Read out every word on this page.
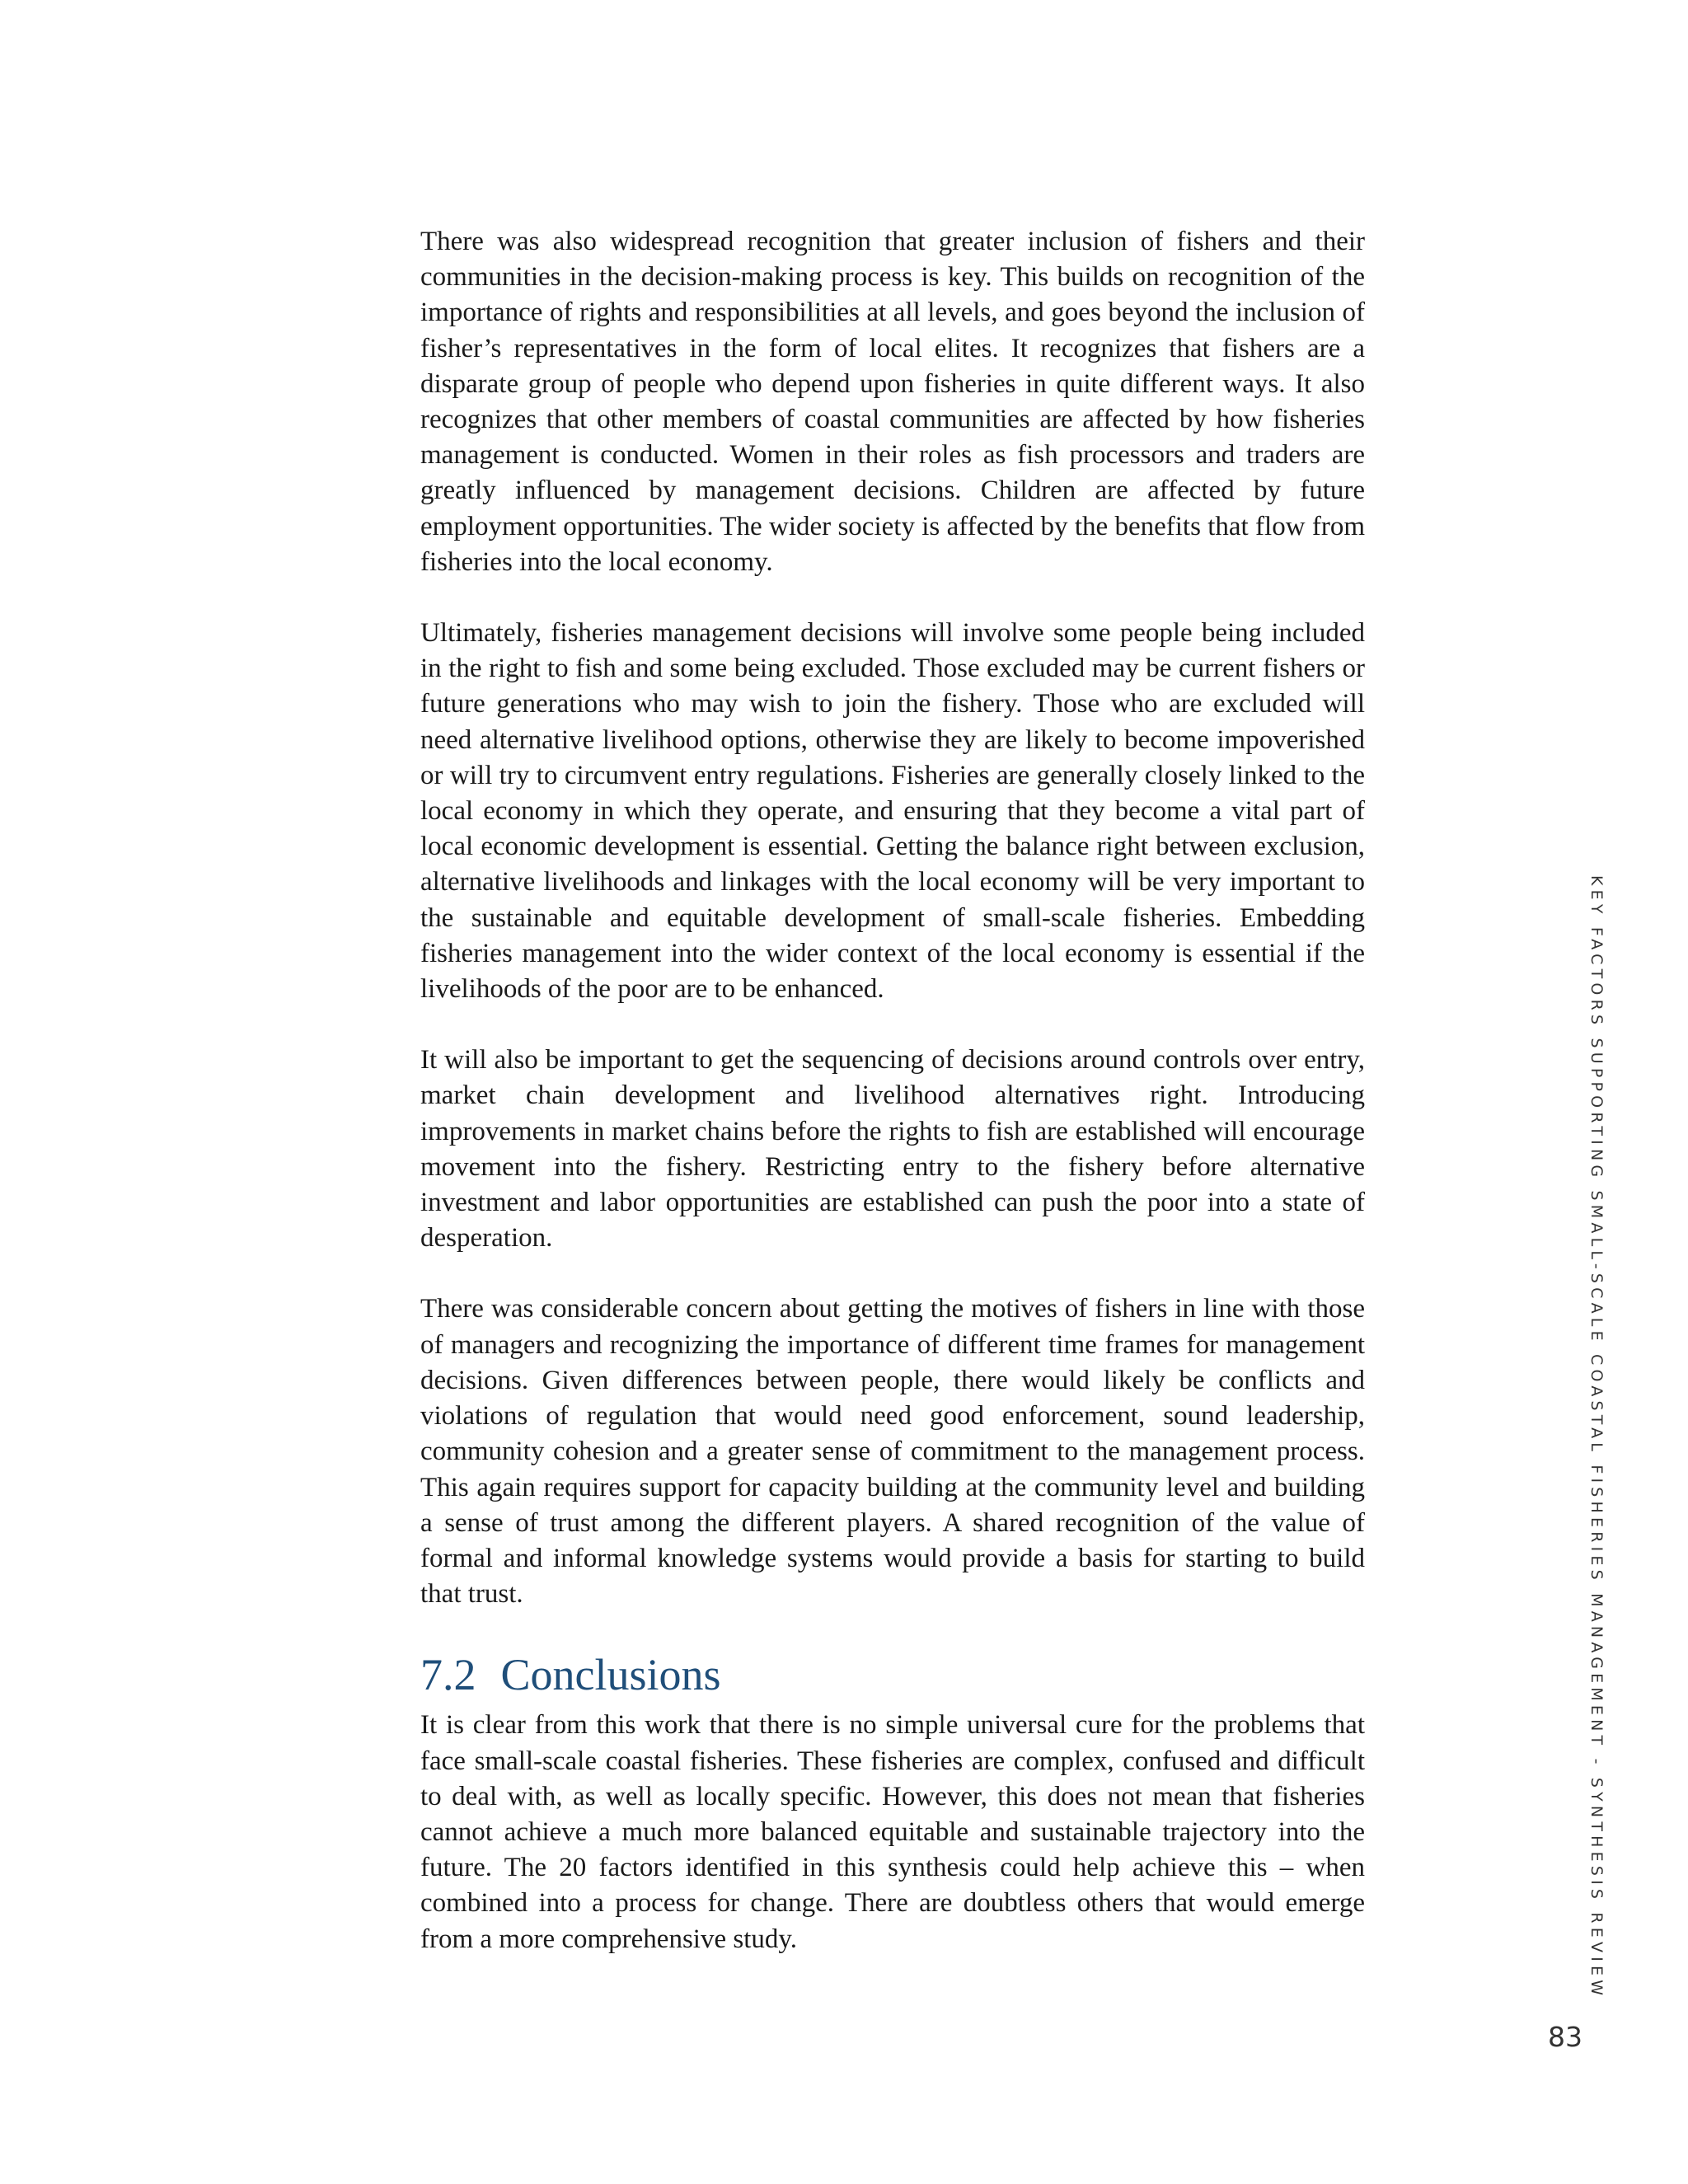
There was also widespread recognition that greater inclusion of fishers and their communities in the decision-making process is key. This builds on recognition of the importance of rights and responsibilities at all levels, and goes beyond the inclusion of fisher’s representatives in the form of local elites. It recognizes that fishers are a disparate group of people who depend upon fisheries in quite different ways. It also recognizes that other members of coastal communities are affected by how fisheries management is conducted. Women in their roles as fish processors and traders are greatly influenced by management decisions. Children are affected by future employment opportunities. The wider society is affected by the benefits that flow from fisheries into the local economy.

Ultimately, fisheries management decisions will involve some people being included in the right to fish and some being excluded. Those excluded may be current fishers or future generations who may wish to join the fishery. Those who are excluded will need alternative livelihood options, otherwise they are likely to become impoverished or will try to circumvent entry regulations. Fisheries are generally closely linked to the local economy in which they operate, and ensuring that they become a vital part of local economic development is essential. Getting the balance right between exclusion, alternative livelihoods and linkages with the local economy will be very important to the sustainable and equitable development of small-scale fisheries. Embedding fisheries management into the wider context of the local economy is essential if the livelihoods of the poor are to be enhanced.

It will also be important to get the sequencing of decisions around controls over entry, market chain development and livelihood alternatives right. Introducing improvements in market chains before the rights to fish are established will encourage movement into the fishery. Restricting entry to the fishery before alternative investment and labor opportunities are established can push the poor into a state of desperation.

There was considerable concern about getting the motives of fishers in line with those of managers and recognizing the importance of different time frames for management decisions. Given differences between people, there would likely be conflicts and violations of regulation that would need good enforcement, sound leadership, community cohesion and a greater sense of commitment to the management process. This again requires support for capacity building at the community level and building a sense of trust among the different players. A shared recognition of the value of formal and informal knowledge systems would provide a basis for starting to build that trust.

7.2 Conclusions

It is clear from this work that there is no simple universal cure for the problems that face small-scale coastal fisheries. These fisheries are complex, confused and difficult to deal with, as well as locally specific. However, this does not mean that fisheries cannot achieve a much more balanced equitable and sustainable trajectory into the future. The 20 factors identified in this synthesis could help achieve this – when combined into a process for change. There are doubtless others that would emerge from a more comprehensive study.	KEY FACTORS SUPPORTING SMALL-SCALE COASTAL FISHERIES MANAGEMENT - SYNTHESIS REVIEW
83
